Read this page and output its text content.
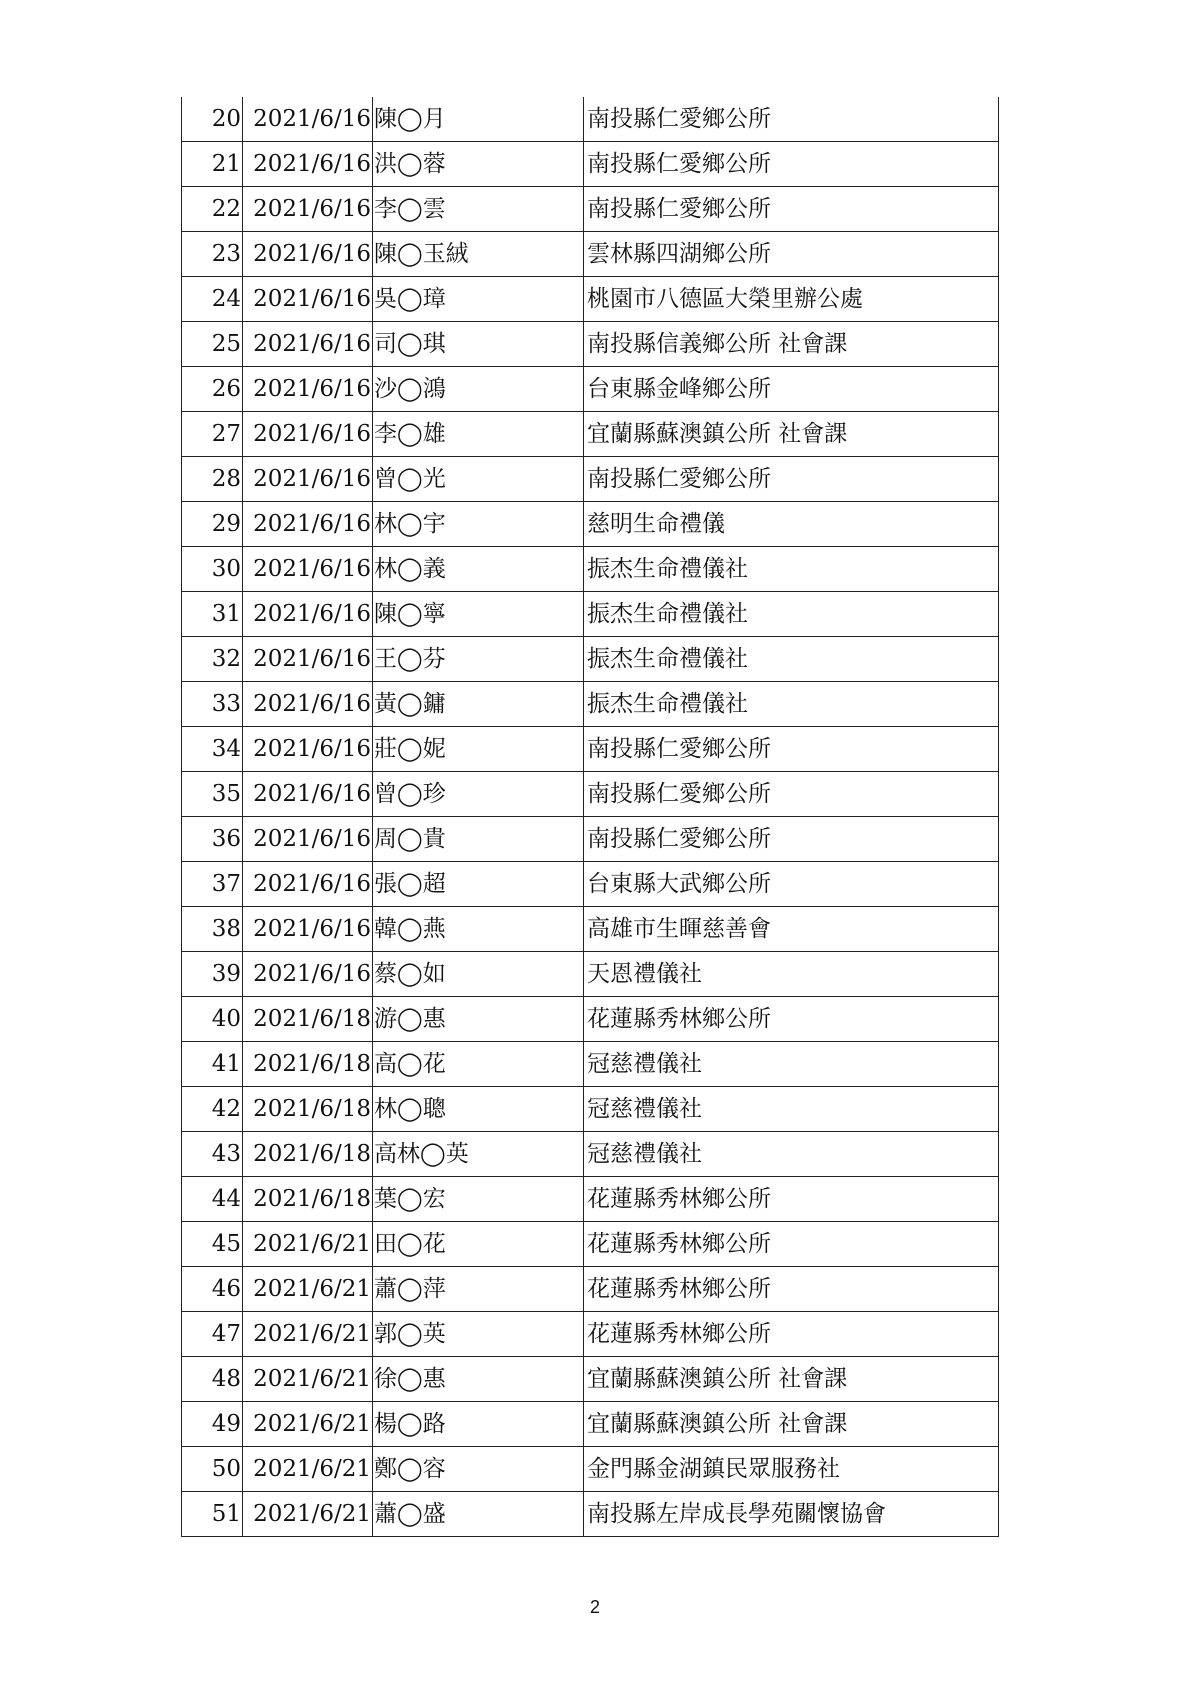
20	2021/6/16	陳◯月	南投縣仁愛鄉公所
21	2021/6/16	洪◯蓉	南投縣仁愛鄉公所
22	2021/6/16	李◯雲	南投縣仁愛鄉公所
23	2021/6/16	陳◯玉絨	雲林縣四湖鄉公所
24	2021/6/16	吳◯璋	桃園市八德區大榮里辦公處
25	2021/6/16	司◯琪	南投縣信義鄉公所 社會課
26	2021/6/16	沙◯鴻	台東縣金峰鄉公所
27	2021/6/16	李◯雄	宜蘭縣蘇澳鎮公所 社會課
28	2021/6/16	曾◯光	南投縣仁愛鄉公所
29	2021/6/16	林◯宇	慈明生命禮儀
30	2021/6/16	林◯義	振杰生命禮儀社
31	2021/6/16	陳◯寧	振杰生命禮儀社
32	2021/6/16	王◯芬	振杰生命禮儀社
33	2021/6/16	黃◯鏞	振杰生命禮儀社
34	2021/6/16	莊◯妮	南投縣仁愛鄉公所
35	2021/6/16	曾◯珍	南投縣仁愛鄉公所
36	2021/6/16	周◯貴	南投縣仁愛鄉公所
37	2021/6/16	張◯超	台東縣大武鄉公所
38	2021/6/16	韓◯燕	高雄市生暉慈善會
39	2021/6/16	蔡◯如	天恩禮儀社
40	2021/6/18	游◯惠	花蓮縣秀林鄉公所
41	2021/6/18	高◯花	冠慈禮儀社
42	2021/6/18	林◯聰	冠慈禮儀社
43	2021/6/18	高林◯英	冠慈禮儀社
44	2021/6/18	葉◯宏	花蓮縣秀林鄉公所
45	2021/6/21	田◯花	花蓮縣秀林鄉公所
46	2021/6/21	蕭◯萍	花蓮縣秀林鄉公所
47	2021/6/21	郭◯英	花蓮縣秀林鄉公所
48	2021/6/21	徐◯惠	宜蘭縣蘇澳鎮公所 社會課
49	2021/6/21	楊◯路	宜蘭縣蘇澳鎮公所 社會課
50	2021/6/21	鄭◯容	金門縣金湖鎮民眾服務社
51	2021/6/21	蕭◯盛	南投縣左岸成長學苑關懷協會
2
